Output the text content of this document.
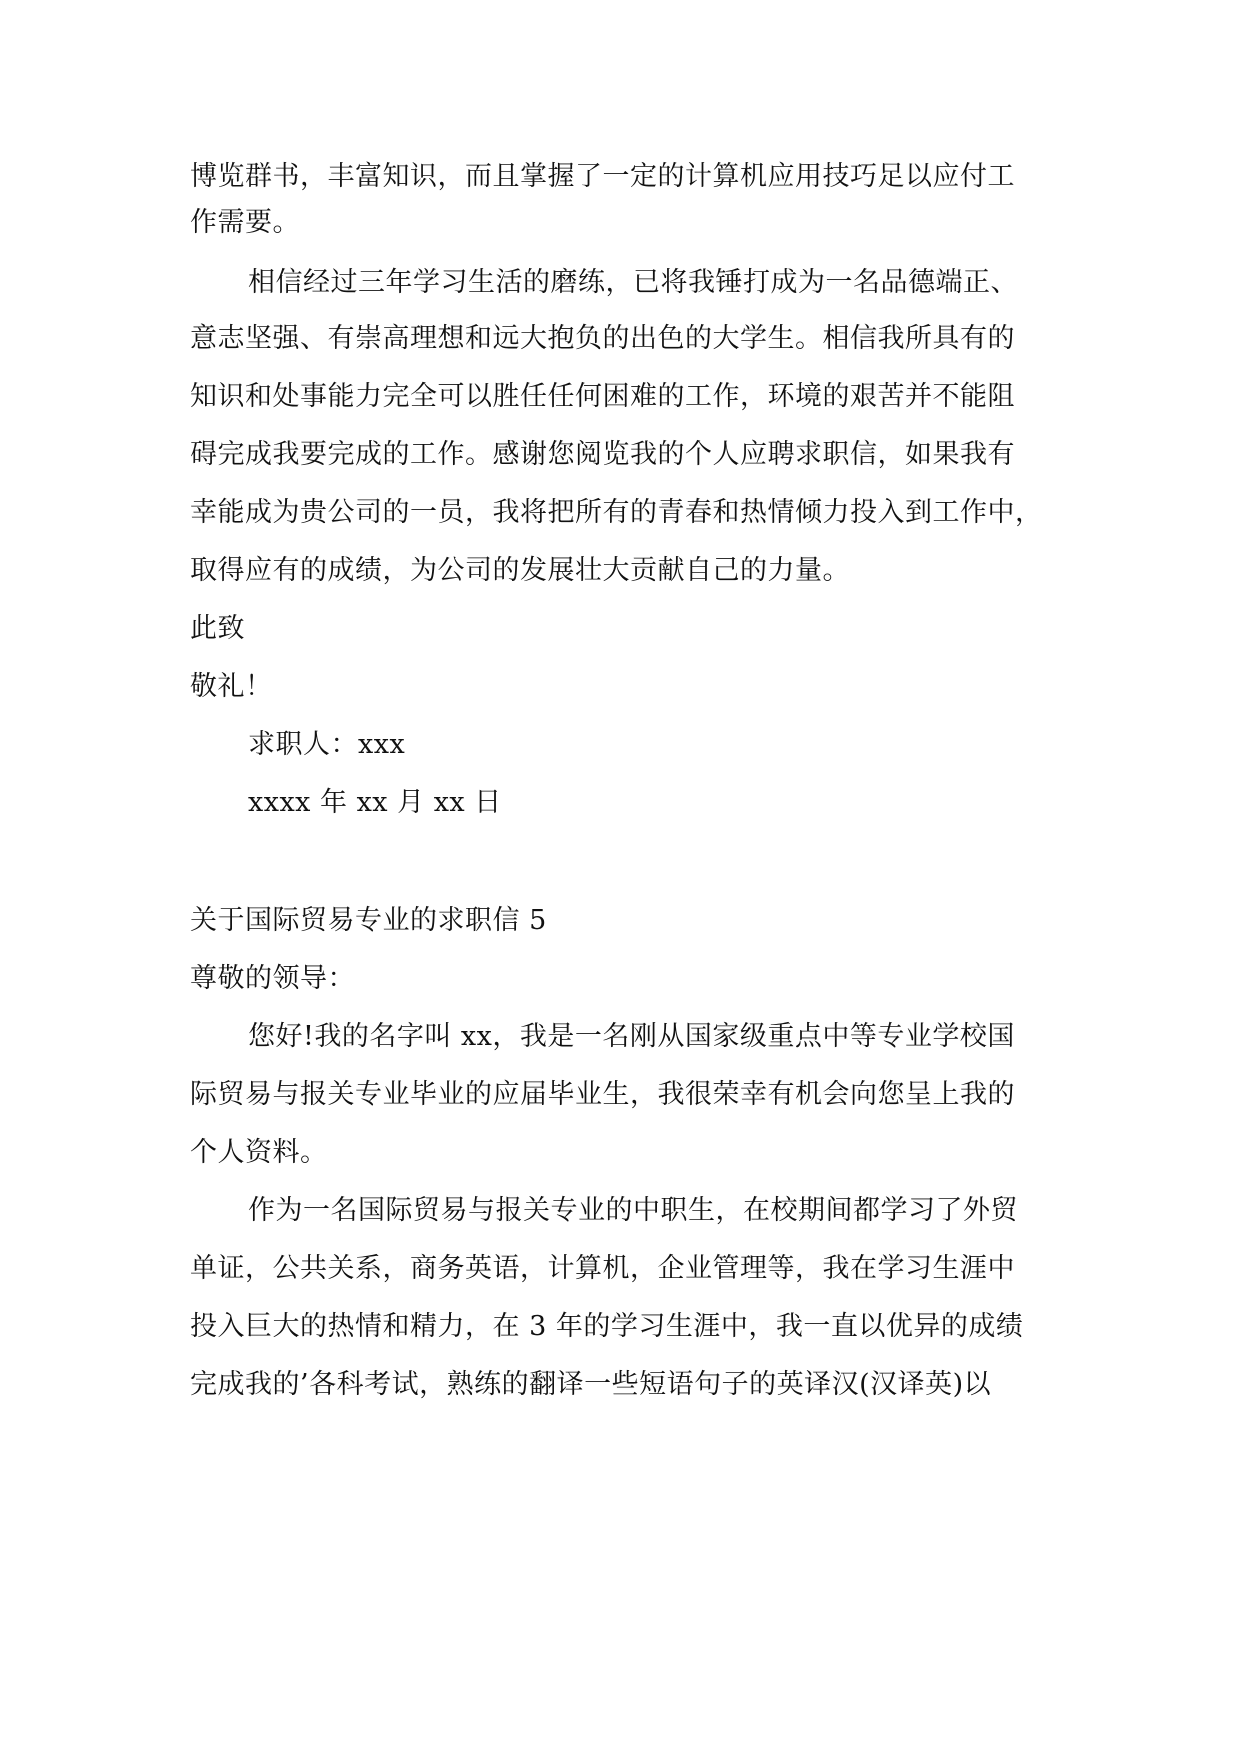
博览群书，丰富知识，而且掌握了一定的计算机应用技巧足以应付工
作需要。
相信经过三年学习生活的磨练，已将我锤打成为一名品德端正、
意志坚强、有崇高理想和远大抱负的出色的大学生。相信我所具有的
知识和处事能力完全可以胜任任何困难的工作，环境的艰苦并不能阻
碍完成我要完成的工作。感谢您阅览我的个人应聘求职信，如果我有
幸能成为贵公司的一员，我将把所有的青春和热情倾力投入到工作中，
取得应有的成绩，为公司的发展壮大贡献自己的力量。
此致
敬礼！
求职人：xxx
xxxx 年 xx 月 xx 日
关于国际贸易专业的求职信 5
尊敬的领导：
您好!我的名字叫 xx，我是一名刚从国家级重点中等专业学校国
际贸易与报关专业毕业的应届毕业生，我很荣幸有机会向您呈上我的
个人资料。
作为一名国际贸易与报关专业的中职生，在校期间都学习了外贸
单证，公共关系，商务英语，计算机，企业管理等，我在学习生涯中
投入巨大的热情和精力，在 3 年的学习生涯中，我一直以优异的成绩
完成我的’各科考试，熟练的翻译一些短语句子的英译汉(汉译英)以
